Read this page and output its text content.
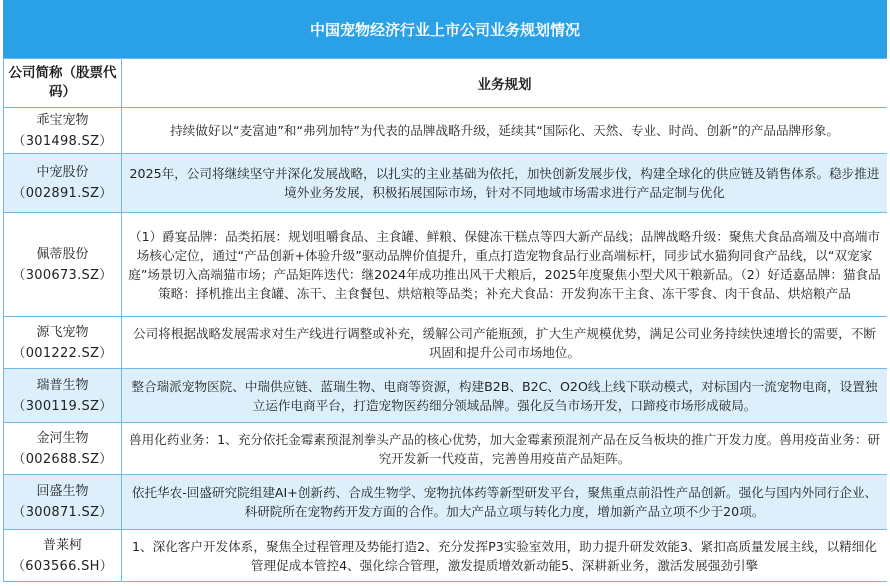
中国宠物经济行业上市公司业务规划情况
公司简称（股票代码）	业务规划

乖宝宠物
（301498.SZ）	持续做好以“麦富迪”和“弗列加特”为代表的品牌战略升级，延续其“国际化、天然、专业、时尚、创新”的产品品牌形象。

中宠股份
（002891.SZ）	2025年，公司将继续坚守并深化发展战略，以扎实的主业基础为依托，加快创新发展步伐，构建全球化的供应链及销售体系。稳步推进境外业务发展，积极拓展国际市场，针对不同地域市场需求进行产品定制与优化

佩蒂股份
（300673.SZ）	（1）爵宴品牌：品类拓展：规划咀嚼食品、主食罐、鲜粮、保健冻干糕点等四大新产品线；品牌战略升级：聚焦犬食品高端及中高端市场核心定位，通过“产品创新+体验升级”驱动品牌价值提升，重点打造宠物食品行业高端标杆，同步试水猫狗同食产品线，以“双宠家庭”场景切入高端猫市场；产品矩阵迭代：继2024年成功推出风干犬粮后，2025年度聚焦小型犬风干粮新品。（2）好适嘉品牌：猫食品策略：择机推出主食罐、冻干、主食餐包、烘焙粮等品类；补充犬食品：开发狗冻干主食、冻干零食、肉干食品、烘焙粮产品

源飞宠物
（001222.SZ）	公司将根据战略发展需求对生产线进行调整或补充，缓解公司产能瓶颈，扩大生产规模优势，满足公司业务持续快速增长的需要，不断巩固和提升公司市场地位。

瑞普生物
（300119.SZ）	整合瑞派宠物医院、中瑞供应链、蓝瑞生物、电商等资源，构建B2B、B2C、O2O线上线下联动模式，对标国内一流宠物电商，设置独立运作电商平台，打造宠物医药细分领域品牌。强化反刍市场开发，口蹄疫市场形成破局。

金河生物
（002688.SZ）	兽用化药业务：1、充分依托金霉素预混剂拳头产品的核心优势，加大金霉素预混剂产品在反刍板块的推广开发力度。兽用疫苗业务：研究开发新一代疫苗，完善兽用疫苗产品矩阵。

回盛生物
（300871.SZ）	依托华农-回盛研究院组建AI+创新药、合成生物学、宠物抗体药等新型研发平台，聚焦重点前沿性产品创新。强化与国内外同行企业、科研院所在宠物药开发方面的合作。加大产品立项与转化力度，增加新产品立项不少于20项。

普莱柯
（603566.SH）	1、深化客户开发体系，聚焦全过程管理及势能打造2、充分发挥P3实验室效用，助力提升研发效能3、紧扣高质量发展主线，以精细化管理促成本管控4、强化综合管理，激发提质增效新动能5、深耕新业务，激活发展强劲引擎
